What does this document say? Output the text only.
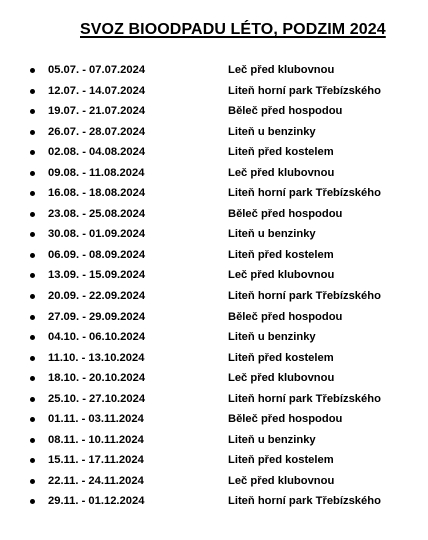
SVOZ BIOODPADU LÉTO, PODZIM 2024
05.07. - 07.07.2024	Leč před klubovnou
12.07. - 14.07.2024	Liteň horní park Třebízského
19.07. - 21.07.2024	Běleč před hospodou
26.07. - 28.07.2024	Liteň u benzinky
02.08. - 04.08.2024	Liteň před kostelem
09.08. - 11.08.2024	Leč před klubovnou
16.08. - 18.08.2024	Liteň horní park Třebízského
23.08. - 25.08.2024	Běleč před hospodou
30.08. - 01.09.2024	Liteň u benzinky
06.09. - 08.09.2024	Liteň před kostelem
13.09. - 15.09.2024	Leč před klubovnou
20.09. - 22.09.2024	Liteň horní park Třebízského
27.09. - 29.09.2024	Běleč před hospodou
04.10. - 06.10.2024	Liteň u benzinky
11.10. - 13.10.2024	Liteň před kostelem
18.10. - 20.10.2024	Leč před klubovnou
25.10. - 27.10.2024	Liteň horní park Třebízského
01.11. - 03.11.2024	Běleč před hospodou
08.11. - 10.11.2024	Liteň u benzinky
15.11. - 17.11.2024	Liteň před kostelem
22.11. - 24.11.2024	Leč před klubovnou
29.11. - 01.12.2024	Liteň horní park Třebízského
